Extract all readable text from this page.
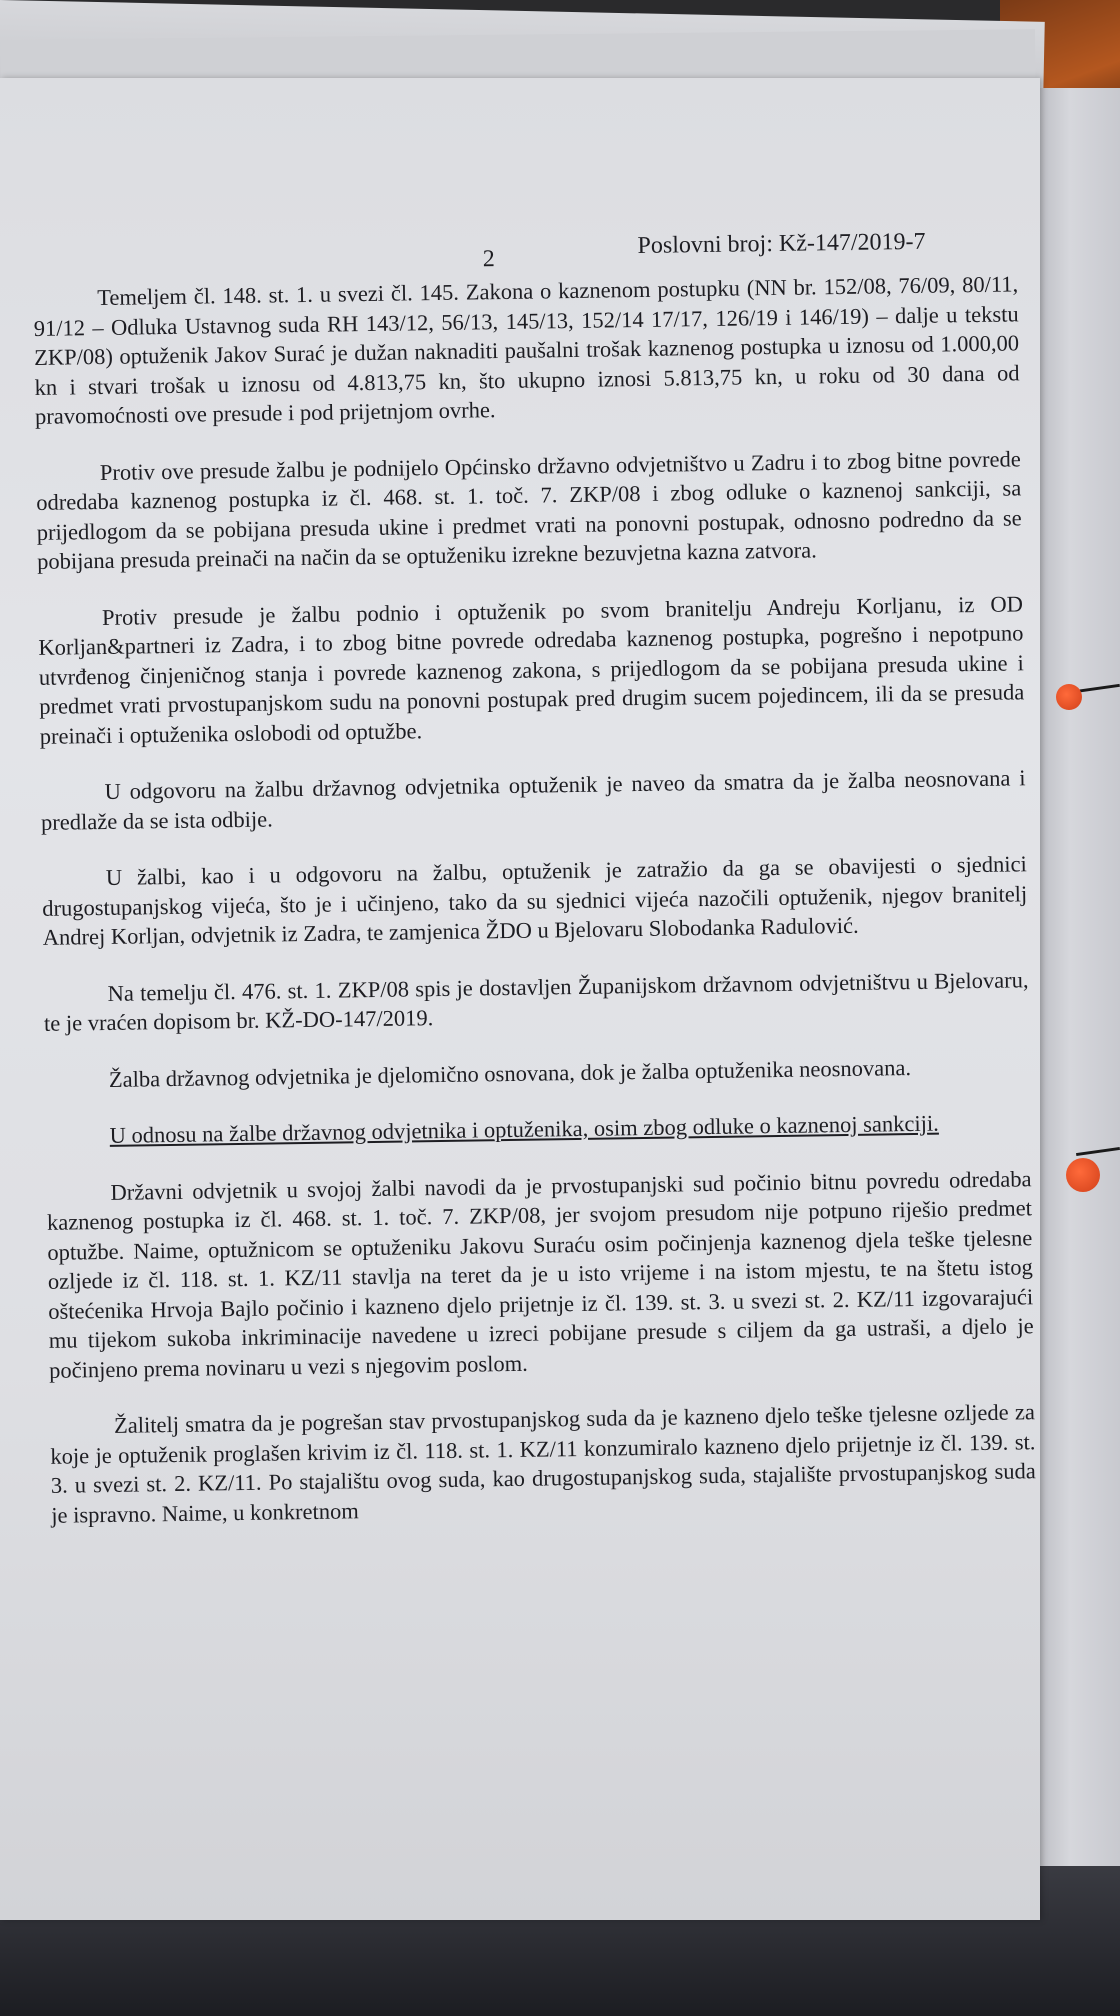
2
Poslovni broj: Kž-147/2019-7

Temeljem čl. 148. st. 1. u svezi čl. 145. Zakona o kaznenom postupku (NN br. 152/08, 76/09, 80/11, 91/12 – Odluka Ustavnog suda RH 143/12, 56/13, 145/13, 152/14 17/17, 126/19 i 146/19) – dalje u tekstu ZKP/08) optuženik Jakov Surać je dužan naknaditi paušalni trošak kaznenog postupka u iznosu od 1.000,00 kn i stvari trošak u iznosu od 4.813,75 kn, što ukupno iznosi 5.813,75 kn, u roku od 30 dana od pravomoćnosti ove presude i pod prijetnjom ovrhe.

Protiv ove presude žalbu je podnijelo Općinsko državno odvjetništvo u Zadru i to zbog bitne povrede odredaba kaznenog postupka iz čl. 468. st. 1. toč. 7. ZKP/08 i zbog odluke o kaznenoj sankciji, sa prijedlogom da se pobijana presuda ukine i predmet vrati na ponovni postupak, odnosno podredno da se pobijana presuda preinači na način da se optuženiku izrekne bezuvjetna kazna zatvora.

Protiv presude je žalbu podnio i optuženik po svom branitelju Andreju Korljanu, iz OD Korljan&partneri iz Zadra, i to zbog bitne povrede odredaba kaznenog postupka, pogrešno i nepotpuno utvrđenog činjeničnog stanja i povrede kaznenog zakona, s prijedlogom da se pobijana presuda ukine i predmet vrati prvostupanjskom sudu na ponovni postupak pred drugim sucem pojedincem, ili da se presuda preinači i optuženika oslobodi od optužbe.

U odgovoru na žalbu državnog odvjetnika optuženik je naveo da smatra da je žalba neosnovana i predlaže da se ista odbije.

U žalbi, kao i u odgovoru na žalbu, optuženik je zatražio da ga se obavijesti o sjednici drugostupanjskog vijeća, što je i učinjeno, tako da su sjednici vijeća nazočili optuženik, njegov branitelj Andrej Korljan, odvjetnik iz Zadra, te zamjenica ŽDO u Bjelovaru Slobodanka Radulović.

Na temelju čl. 476. st. 1. ZKP/08 spis je dostavljen Županijskom državnom odvjetništvu u Bjelovaru, te je vraćen dopisom br. KŽ-DO-147/2019.

Žalba državnog odvjetnika je djelomično osnovana, dok je žalba optuženika neosnovana.

U odnosu na žalbe državnog odvjetnika i optuženika, osim zbog odluke o kaznenoj sankciji.

Državni odvjetnik u svojoj žalbi navodi da je prvostupanjski sud počinio bitnu povredu odredaba kaznenog postupka iz čl. 468. st. 1. toč. 7. ZKP/08, jer svojom presudom nije potpuno riješio predmet optužbe. Naime, optužnicom se optuženiku Jakovu Suraću osim počinjenja kaznenog djela teške tjelesne ozljede iz čl. 118. st. 1. KZ/11 stavlja na teret da je u isto vrijeme i na istom mjestu, te na štetu istog oštećenika Hrvoja Bajlo počinio i kazneno djelo prijetnje iz čl. 139. st. 3. u svezi st. 2. KZ/11 izgovarajući mu tijekom sukoba inkriminacije navedene u izreci pobijane presude s ciljem da ga ustraši, a djelo je počinjeno prema novinaru u vezi s njegovim poslom.

Žalitelj smatra da je pogrešan stav prvostupanjskog suda da je kazneno djelo teške tjelesne ozljede za koje je optuženik proglašen krivim iz čl. 118. st. 1. KZ/11 konzumiralo kazneno djelo prijetnje iz čl. 139. st. 3. u svezi st. 2. KZ/11. Po stajalištu ovog suda, kao drugostupanjskog suda, stajalište prvostupanjskog suda je ispravno. Naime, u konkretnom
